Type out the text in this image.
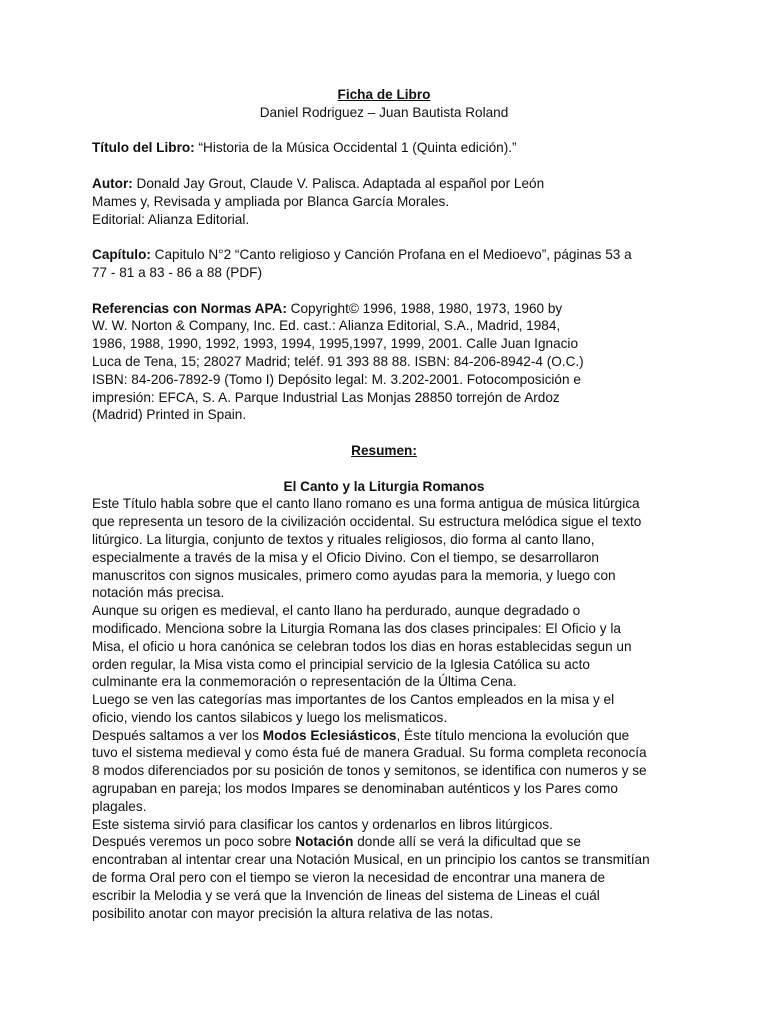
Ficha de Libro
Daniel Rodriguez – Juan Bautista Roland
Título del Libro: “Historia de la Música Occidental 1 (Quinta edición).”
Autor: Donald Jay Grout, Claude V. Palisca. Adaptada al español por León
Mames y, Revisada y ampliada por Blanca García Morales.
Editorial: Alianza Editorial.
Capítulo: Capitulo N°2 “Canto religioso y Canción Profana en el Medioevo”, páginas 53 a
77 - 81 a 83 - 86 a 88 (PDF)
Referencias con Normas APA: Copyright© 1996, 1988, 1980, 1973, 1960 by
W. W. Norton & Company, Inc. Ed. cast.: Alianza Editorial, S.A., Madrid, 1984,
1986, 1988, 1990, 1992, 1993, 1994, 1995,1997, 1999, 2001. Calle Juan Ignacio
Luca de Tena, 15; 28027 Madrid; teléf. 91 393 88 88. ISBN: 84-206-8942-4 (O.C.)
ISBN: 84-206-7892-9 (Tomo I) Depósito legal: M. 3.202-2001. Fotocomposición e
impresión: EFCA, S. A. Parque Industrial Las Monjas 28850 torrejón de Ardoz
(Madrid) Printed in Spain.
Resumen:
El Canto y la Liturgia Romanos
Este Título habla sobre que el canto llano romano es una forma antigua de música litúrgica
que representa un tesoro de la civilización occidental. Su estructura melódica sigue el texto
litúrgico. La liturgia, conjunto de textos y rituales religiosos, dio forma al canto llano,
especialmente a través de la misa y el Oficio Divino. Con el tiempo, se desarrollaron
manuscritos con signos musicales, primero como ayudas para la memoria, y luego con
notación más precisa.
Aunque su origen es medieval, el canto llano ha perdurado, aunque degradado o
modificado. Menciona sobre la Liturgia Romana las dos clases principales: El Oficio y la
Misa, el oficio u hora canónica se celebran todos los dias en horas establecidas segun un
orden regular, la Misa vista como el principial servicio de la Iglesia Católica su acto
culminante era la conmemoración o representación de la Última Cena.
Luego se ven las categorías mas importantes de los Cantos empleados en la misa y el
oficio, viendo los cantos silabicos y luego los melismaticos.
Después saltamos a ver los Modos Eclesiásticos, Éste título menciona la evolución que
tuvo el sistema medieval y como ésta fué de manera Gradual. Su forma completa reconocía
8 modos diferenciados por su posición de tonos y semitonos, se identifica con numeros y se
agrupaban en pareja; los modos Impares se denominaban auténticos y los Pares como
plagales.
Este sistema sirvió para clasificar los cantos y ordenarlos en libros litúrgicos.
Después veremos un poco sobre Notación donde allí se verá la dificultad que se
encontraban al intentar crear una Notación Musical, en un principio los cantos se transmitían
de forma Oral pero con el tiempo se vieron la necesidad de encontrar una manera de
escribir la Melodia y se verá que la Invención de lineas del sistema de Lineas el cuál
posibilito anotar con mayor precisión la altura relativa de las notas.
